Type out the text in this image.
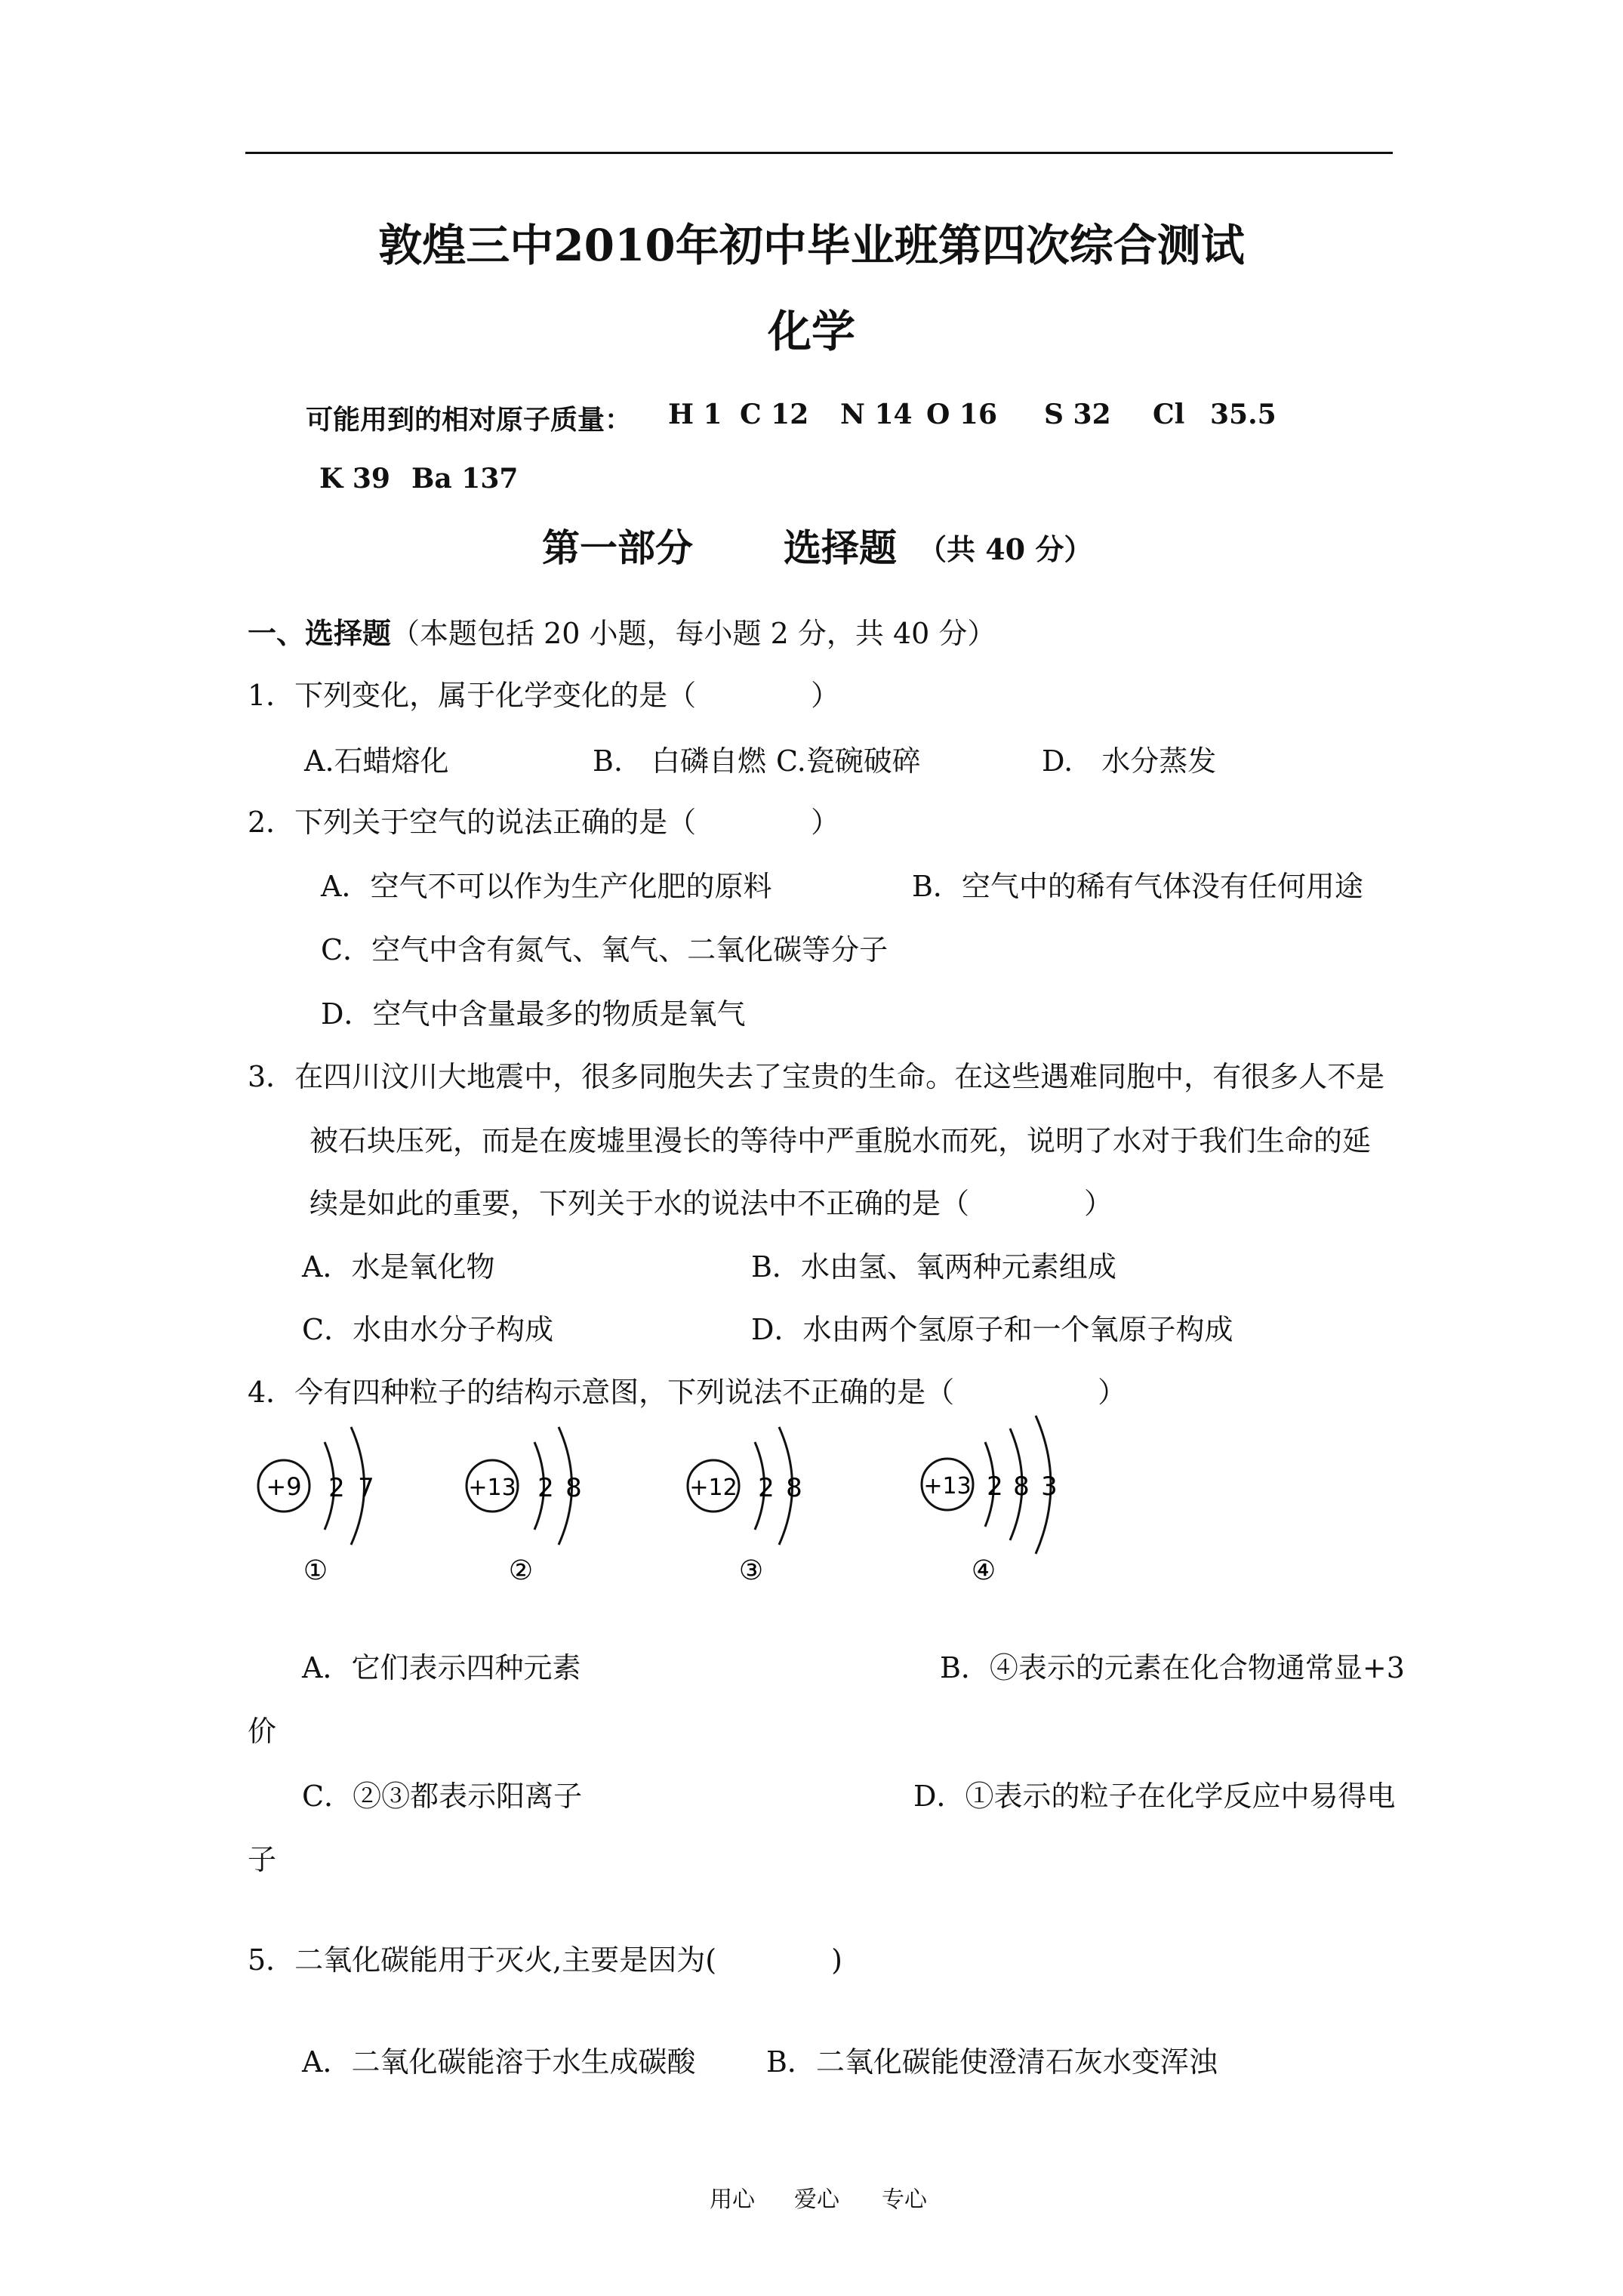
敦煌三中2010年初中毕业班第四次综合测试
化学
可能用到的相对原子质量： H 1 C 12 N 14 O 16 S 32 Cl 35.5
K 39 Ba 137
第一部分 选择题 （共 40 分）
一、选择题（本题包括 20 小题，每小题 2 分，共 40 分）
1．下列变化，属于化学变化的是（　　　　）
A.石蜡熔化	B.　白磷自燃 C.瓷碗破碎	D.　水分蒸发
2．下列关于空气的说法正确的是（　　　　）
A．空气不可以作为生产化肥的原料	B．空气中的稀有气体没有任何用途
C．空气中含有氮气、氧气、二氧化碳等分子
D．空气中含量最多的物质是氧气
3．在四川汶川大地震中，很多同胞失去了宝贵的生命。在这些遇难同胞中，有很多人不是
被石块压死，而是在废墟里漫长的等待中严重脱水而死，说明了水对于我们生命的延
续是如此的重要，下列关于水的说法中不正确的是（　　　　）
A．水是氧化物	B．水由氢、氧两种元素组成
C．水由水分子构成	D．水由两个氢原子和一个氧原子构成
4．今有四种粒子的结构示意图，下列说法不正确的是（　　　　　）
+9 2 7
①
+13 2 8
②
+12 2 8
③
+13 2 8 3
④
A．它们表示四种元素	B．④表示的元素在化合物通常显+3
价
C．②③都表示阳离子	D．①表示的粒子在化学反应中易得电
子
5．二氧化碳能用于灭火,主要是因为(　　　　)
A．二氧化碳能溶于水生成碳酸 B．二氧化碳能使澄清石灰水变浑浊
用心 爱心 专心
